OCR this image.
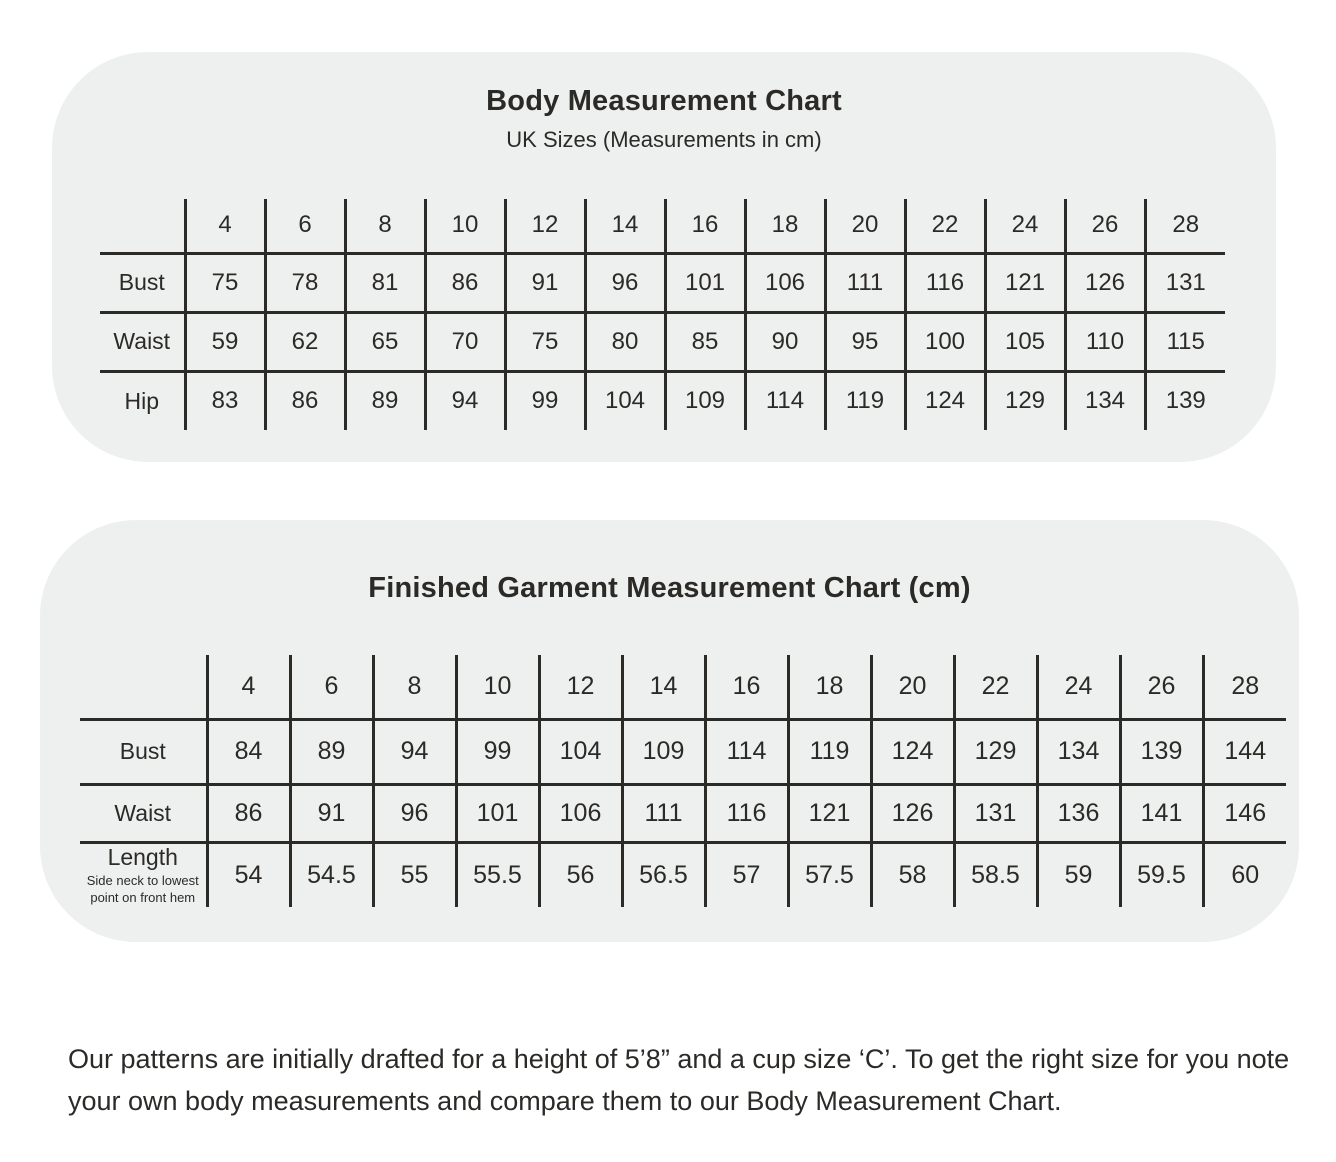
Body Measurement Chart
UK Sizes (Measurements in cm)
	4	6	8	10	12	14	16	18	20	22	24	26	28

Bust	75	78	81	86	91	96	101	106	111	116	121	126	131

Waist	59	62	65	70	75	80	85	90	95	100	105	110	115

Hip	83	86	89	94	99	104	109	114	119	124	129	134	139
Finished Garment Measurement Chart (cm)
	4	6	8	10	12	14	16	18	20	22	24	26	28

Bust	84	89	94	99	104	109	114	119	124	129	134	139	144

Waist	86	91	96	101	106	111	116	121	126	131	136	141	146

Length
Side neck to lowest point on front hem	54	54.5	55	55.5	56	56.5	57	57.5	58	58.5	59	59.5	60

Our patterns are initially drafted for a height of 5’8” and a cup size ‘C’. To get the right size for you note your own body measurements and compare them to our Body Measurement Chart.
